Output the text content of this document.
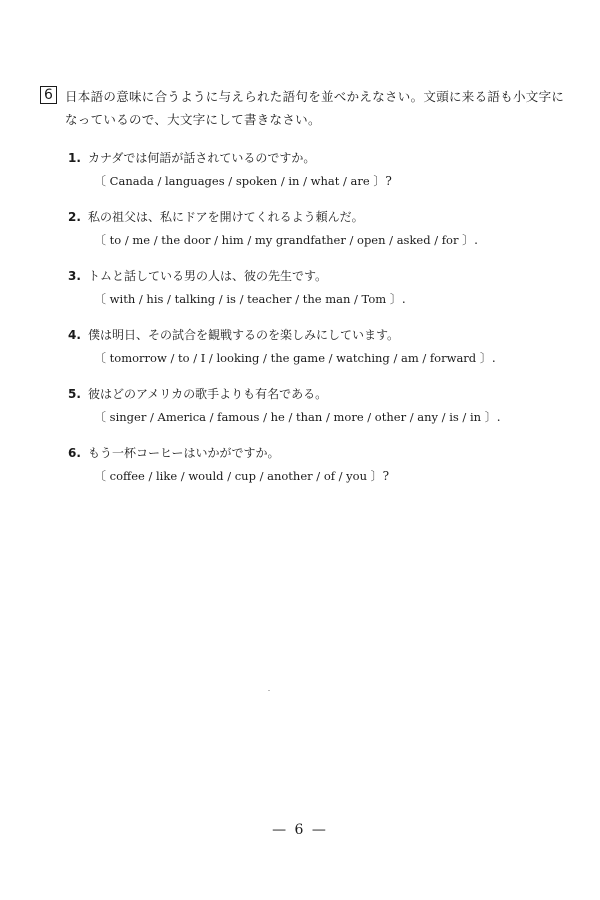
6 日本語の意味に合うように与えられた語句を並べかえなさい。文頭に来る語も小文字になっているので、大文字にして書きなさい。
1. カナダでは何語が話されているのですか。
〔 Canada / languages / spoken / in / what / are 〕?
2. 私の祖父は、私にドアを開けてくれるよう頼んだ。
〔 to / me / the door / him / my grandfather / open / asked / for 〕.
3. トムと話している男の人は、彼の先生です。
〔 with / his / talking / is / teacher / the man / Tom 〕.
4. 僕は明日、その試合を観戦するのを楽しみにしています。
〔 tomorrow / to / I / looking / the game / watching / am / forward 〕.
5. 彼はどのアメリカの歌手よりも有名である。
〔 singer / America / famous / he / than / more / other / any / is / in 〕.
6. もう一杯コーヒーはいかがですか。
〔 coffee / like / would / cup / another / of / you 〕?
— 6 —
